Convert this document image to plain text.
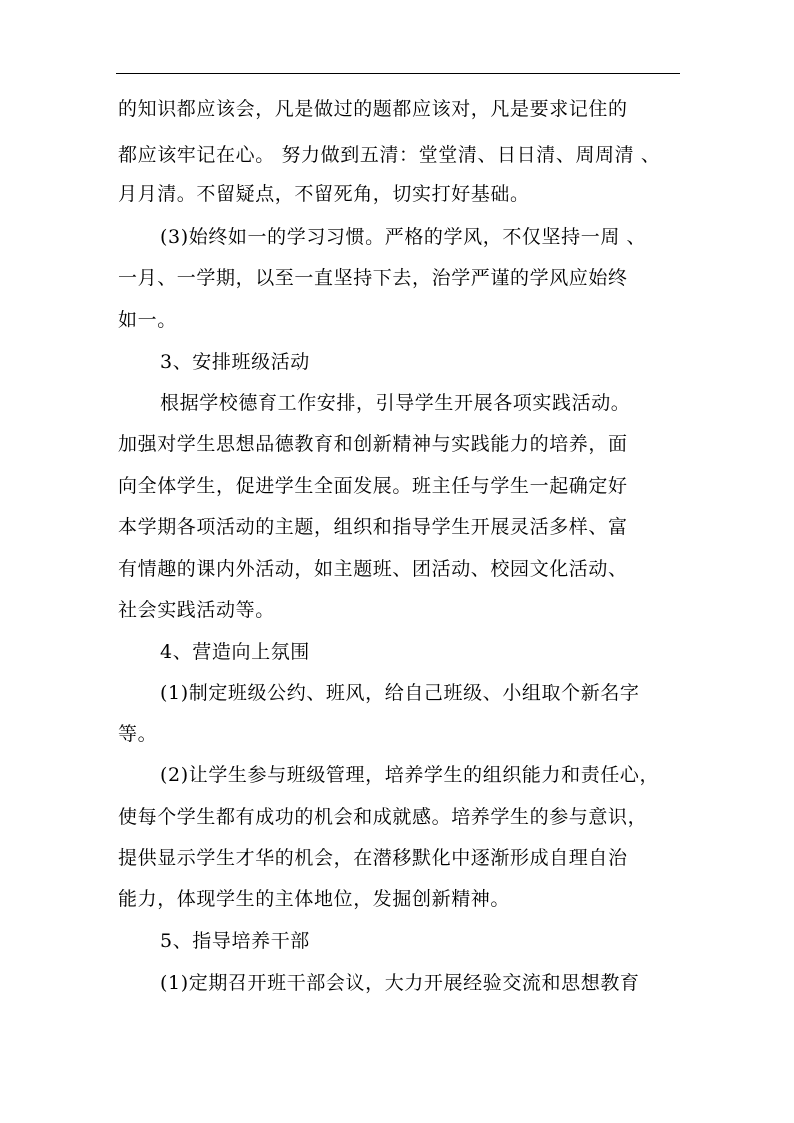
的知识都应该会，凡是做过的题都应该对，凡是要求记住的
都应该牢记在心。 努力做到五清：堂堂清、日日清、周周清 、
月月清。不留疑点，不留死角，切实打好基础。
(3)始终如一的学习习惯。严格的学风，不仅坚持一周 、
一月、一学期，以至一直坚持下去，治学严谨的学风应始终
如一。
3、安排班级活动
根据学校德育工作安排，引导学生开展各项实践活动。
加强对学生思想品德教育和创新精神与实践能力的培养，面
向全体学生，促进学生全面发展。班主任与学生一起确定好
本学期各项活动的主题，组织和指导学生开展灵活多样、富
有情趣的课内外活动，如主题班、团活动、校园文化活动、
社会实践活动等。
4、营造向上氛围
(1)制定班级公约、班风，给自己班级、小组取个新名字
等。
(2)让学生参与班级管理，培养学生的组织能力和责任心，
使每个学生都有成功的机会和成就感。培养学生的参与意识，
提供显示学生才华的机会，在潜移默化中逐渐形成自理自治
能力，体现学生的主体地位，发掘创新精神。
5、指导培养干部
(1)定期召开班干部会议，大力开展经验交流和思想教育
